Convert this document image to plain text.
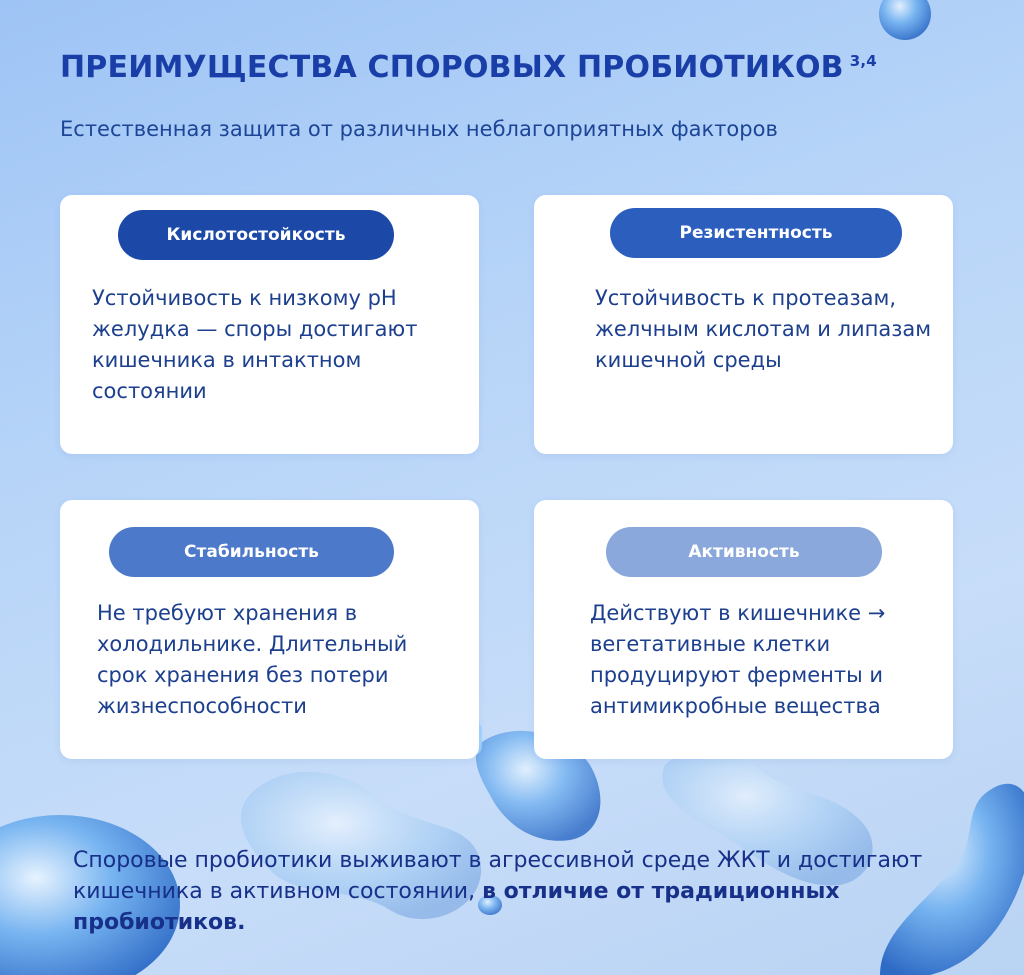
ПРЕИМУЩЕСТВА СПОРОВЫХ ПРОБИОТИКОВ $^{3,4}$

Естественная защита от различных неблагоприятных факторов

Кислотостойкость

Устойчивость к низкому pH желудка — споры достигают кишечника в интактном состоянии

Резистентность

Устойчивость к протеазам, желчным кислотам и липазам кишечной среды

Стабильность

Не требуют хранения в холодильнике. Длительный срок хранения без потери жизнеспособности

Активность

Действуют в кишечнике → вегетативные клетки продуцируют ферменты и антимикробные вещества

Споровые пробиотики выживают в агрессивной среде ЖКТ и достигают кишечника в активном состоянии, в отличие от традиционных пробиотиков.
